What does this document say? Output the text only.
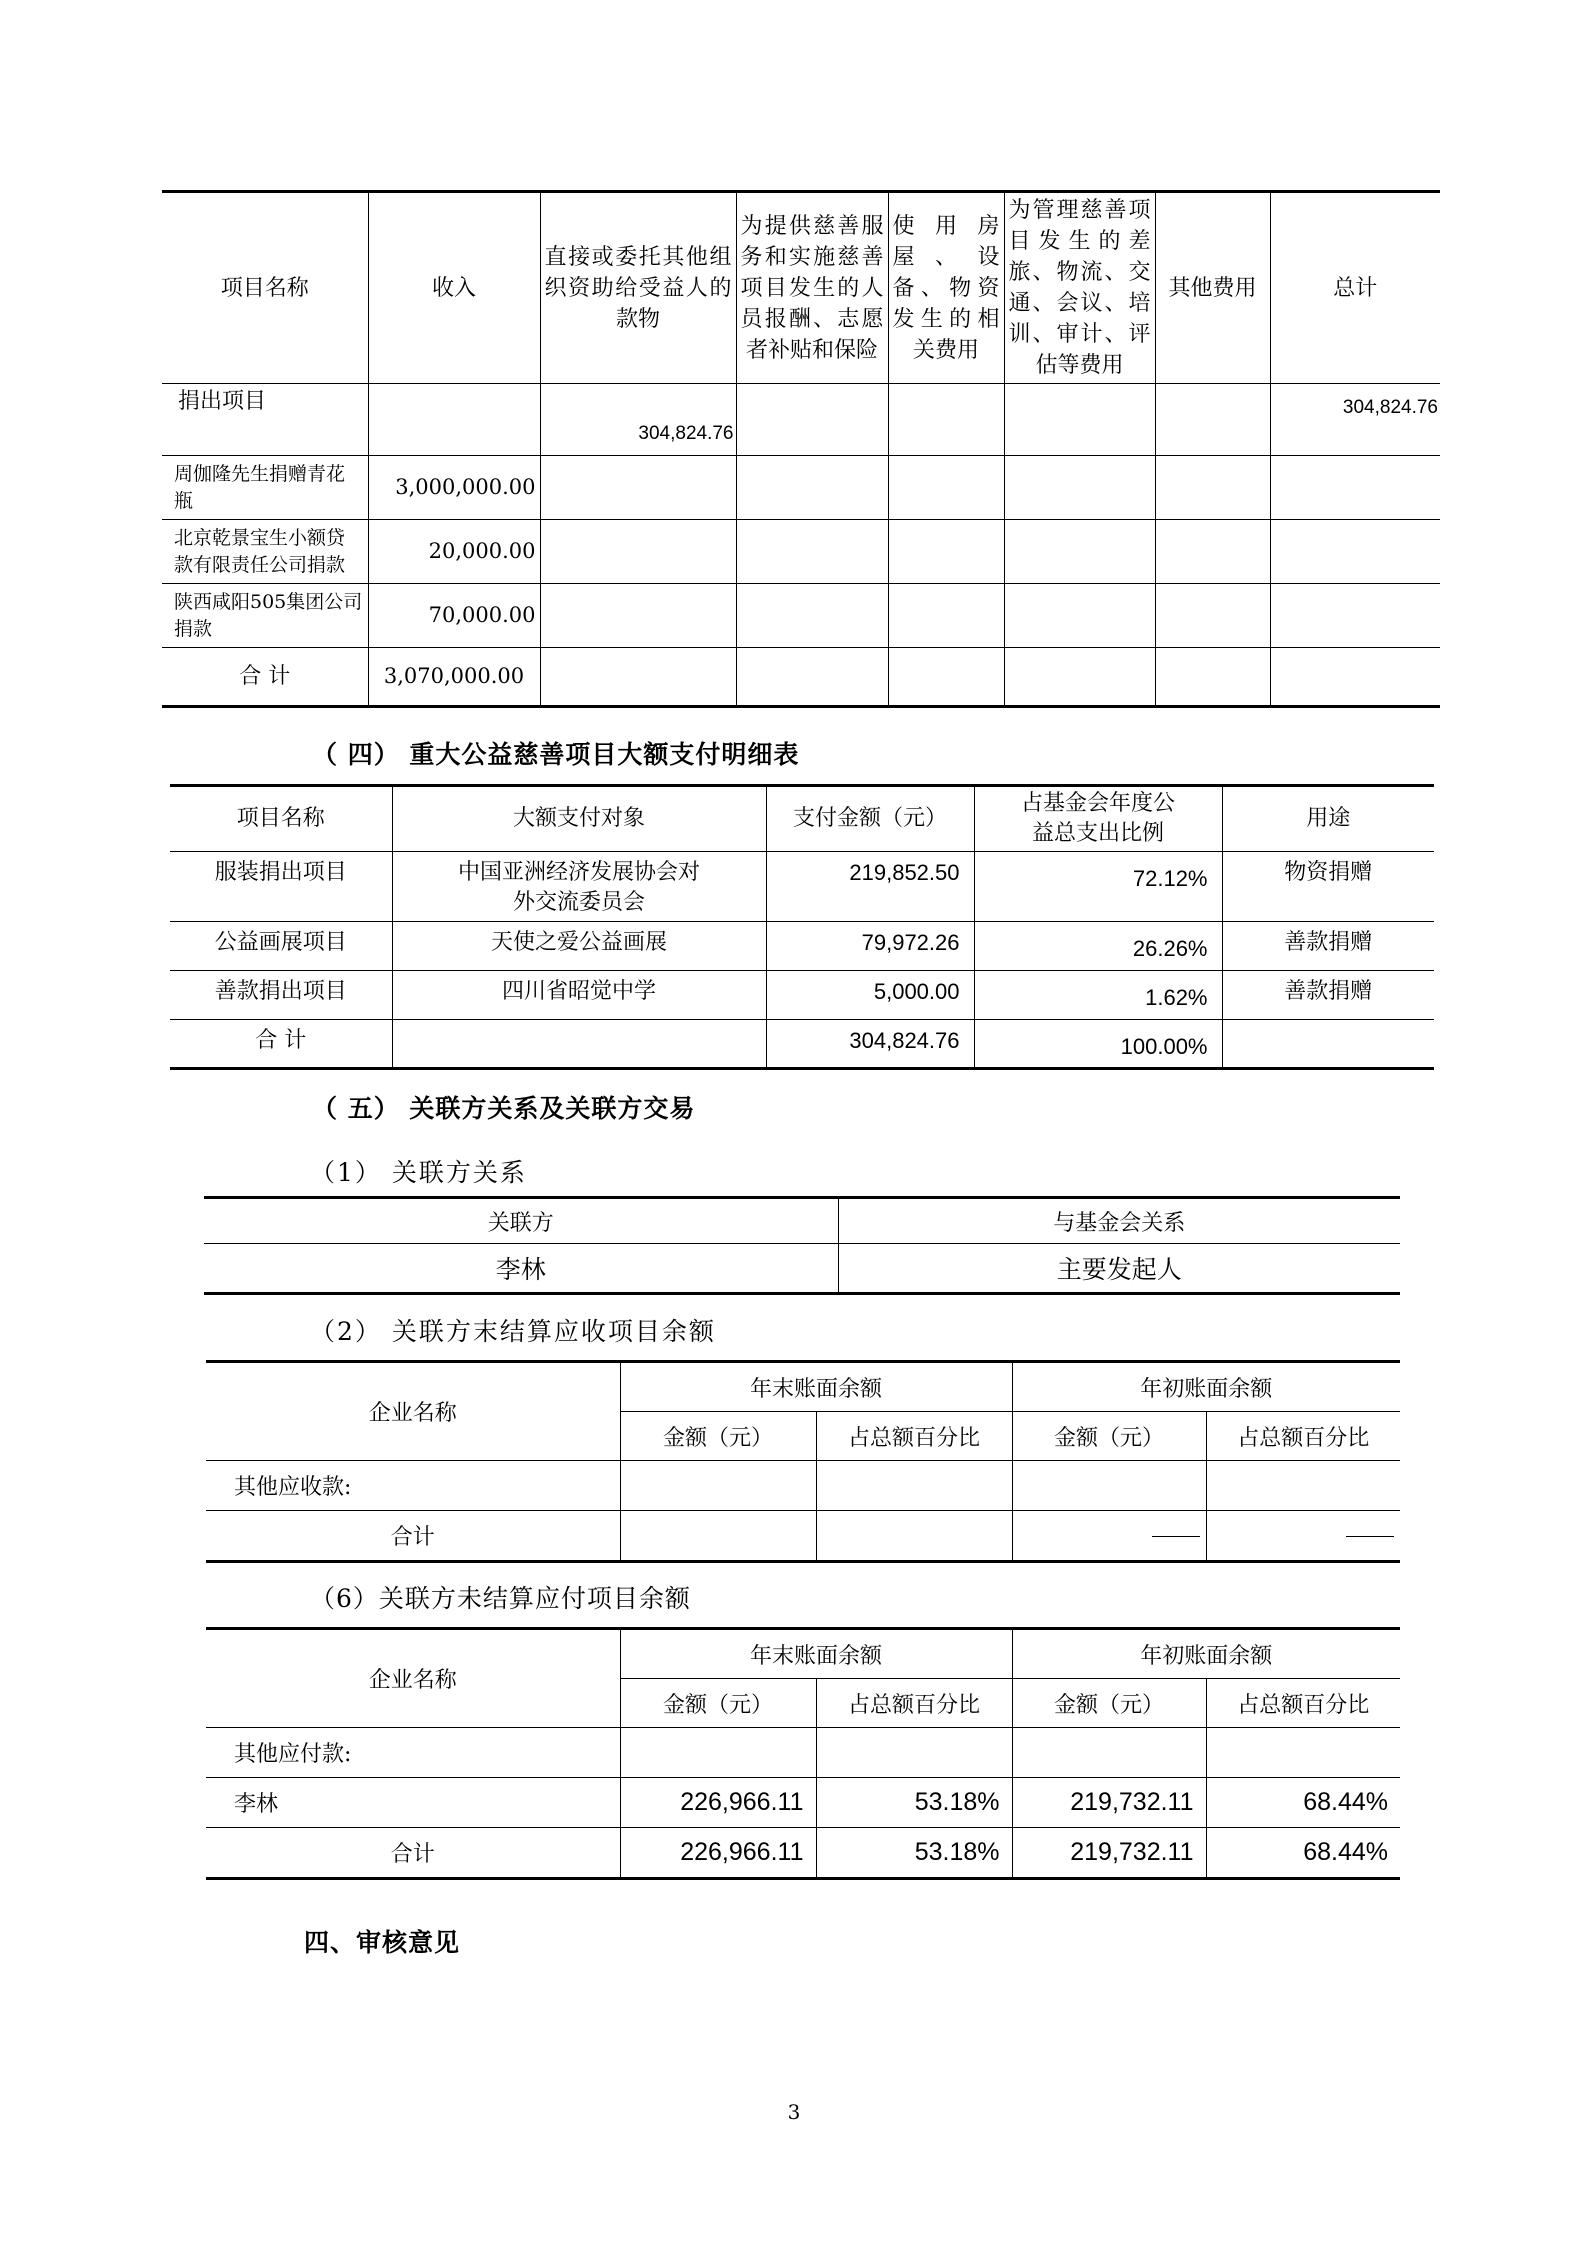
项目名称	收入	直接或委托其他组织资助给受益人的款物	为提供慈善服务和实施慈善项目发生的人员报酬、志愿者补贴和保险	使用房屋、设备、物资发生的相关费用	为管理慈善项目发生的差旅、物流、交通、会议、培训、审计、评估等费用	其他费用	总计
捐出项目		304,824.76					304,824.76
周伽隆先生捐赠青花瓶	3,000,000.00						
北京乾景宝生小额贷款有限责任公司捐款	20,000.00						
陕西咸阳505集团公司捐款	70,000.00						
合 计	3,070,000.00						
（ 四） 重大公益慈善项目大额支付明细表
项目名称	大额支付对象	支付金额（元）	占基金会年度公益总支出比例	用途
服装捐出项目	中国亚洲经济发展协会对外交流委员会	219,852.50	72.12%	物资捐赠
公益画展项目	天使之爱公益画展	79,972.26	26.26%	善款捐赠
善款捐出项目	四川省昭觉中学	5,000.00	1.62%	善款捐赠
合 计		304,824.76	100.00%	
（ 五） 关联方关系及关联方交易
（1） 关联方关系
关联方	与基金会关系
李林	主要发起人
（2） 关联方末结算应收项目余额
企业名称	年末账面余额		年初账面余额	
	金额（元）	占总额百分比	金额（元）	占总额百分比
其他应收款:				
合计				
（6）关联方未结算应付项目余额
企业名称	年末账面余额		年初账面余额	
	金额（元）	占总额百分比	金额（元）	占总额百分比
其他应付款:				
李林	226,966.11	53.18%	219,732.11	68.44%
合计	226,966.11	53.18%	219,732.11	68.44%
四、审核意见
3
